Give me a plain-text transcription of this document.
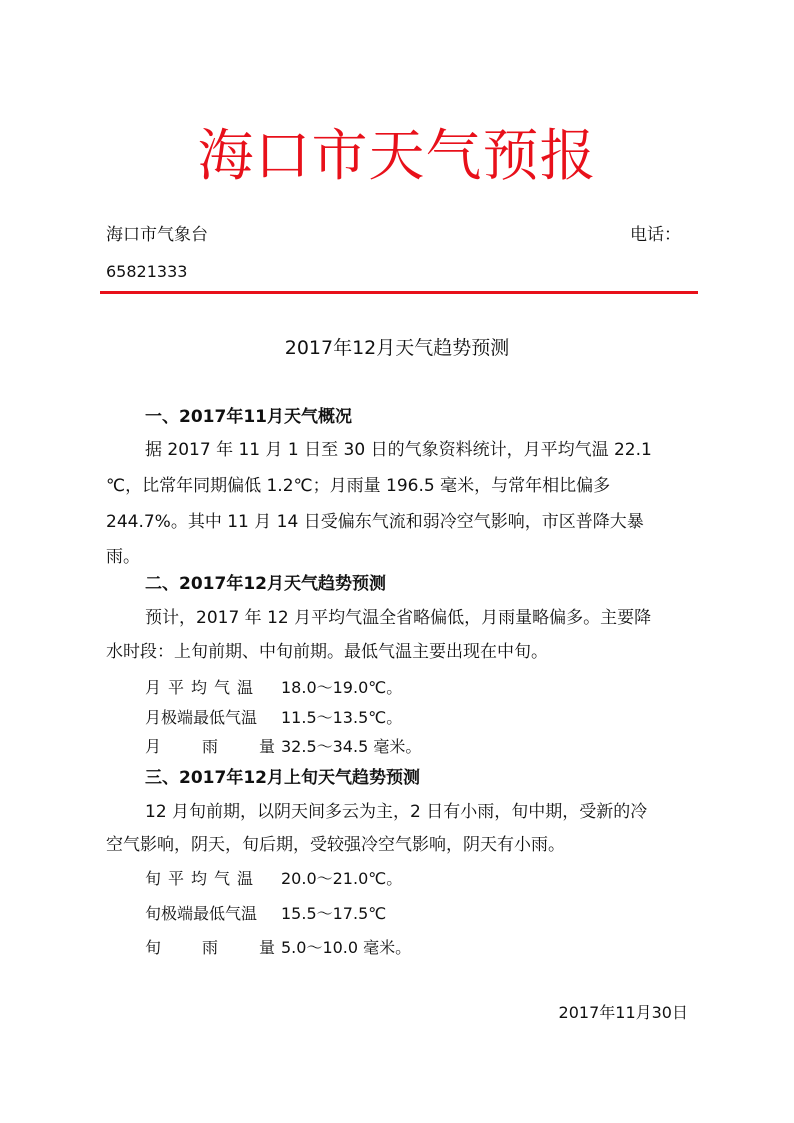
海口市天气预报
海口市气象台	电话：
65821333
2017年12月天气趋势预测
一、2017年11月天气概况
据 2017 年 11 月 1 日至 30 日的气象资料统计，月平均气温 22.1
℃，比常年同期偏低 1.2℃；月雨量 196.5 毫米，与常年相比偏多
244.7%。其中 11 月 14 日受偏东气流和弱冷空气影响，市区普降大暴
雨。
二、2017年12月天气趋势预测
预计，2017 年 12 月平均气温全省略偏低，月雨量略偏多。主要降
水时段：上旬前期、中旬前期。最低气温主要出现在中旬。
月平均气温 18.0～19.0℃。
月极端最低气温 11.5～13.5℃。
月雨量32.5～34.5 毫米。
三、2017年12月上旬天气趋势预测
12 月旬前期，以阴天间多云为主，2 日有小雨，旬中期，受新的冷
空气影响，阴天，旬后期，受较强冷空气影响，阴天有小雨。
旬平均气温 20.0～21.0℃。
旬极端最低气温 15.5～17.5℃
旬雨量5.0～10.0 毫米。
2017年11月30日
